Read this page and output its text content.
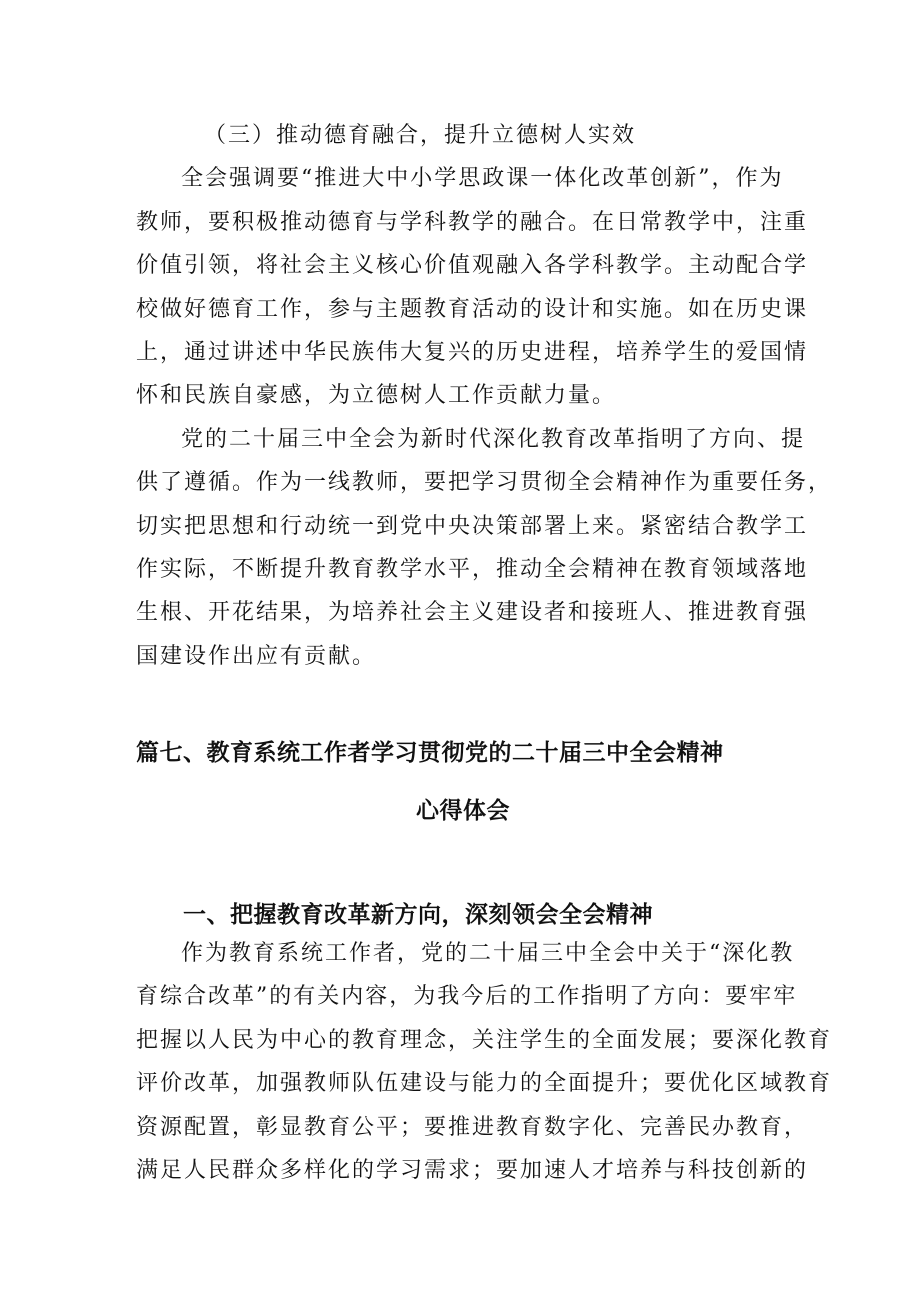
（三）推动德育融合，提升立德树人实效
全会强调要“推进大中小学思政课一体化改革创新”，作为
教师，要积极推动德育与学科教学的融合。在日常教学中，注重
价值引领，将社会主义核心价值观融入各学科教学。主动配合学
校做好德育工作，参与主题教育活动的设计和实施。如在历史课
上，通过讲述中华民族伟大复兴的历史进程，培养学生的爱国情
怀和民族自豪感，为立德树人工作贡献力量。
党的二十届三中全会为新时代深化教育改革指明了方向、提
供了遵循。作为一线教师，要把学习贯彻全会精神作为重要任务，
切实把思想和行动统一到党中央决策部署上来。紧密结合教学工
作实际，不断提升教育教学水平，推动全会精神在教育领域落地
生根、开花结果，为培养社会主义建设者和接班人、推进教育强
国建设作出应有贡献。
篇七、教育系统工作者学习贯彻党的二十届三中全会精神
心得体会
一、把握教育改革新方向，深刻领会全会精神
作为教育系统工作者，党的二十届三中全会中关于“深化教
育综合改革”的有关内容，为我今后的工作指明了方向：要牢牢
把握以人民为中心的教育理念，关注学生的全面发展；要深化教育
评价改革，加强教师队伍建设与能力的全面提升；要优化区域教育
资源配置，彰显教育公平；要推进教育数字化、完善民办教育，
满足人民群众多样化的学习需求；要加速人才培养与科技创新的
